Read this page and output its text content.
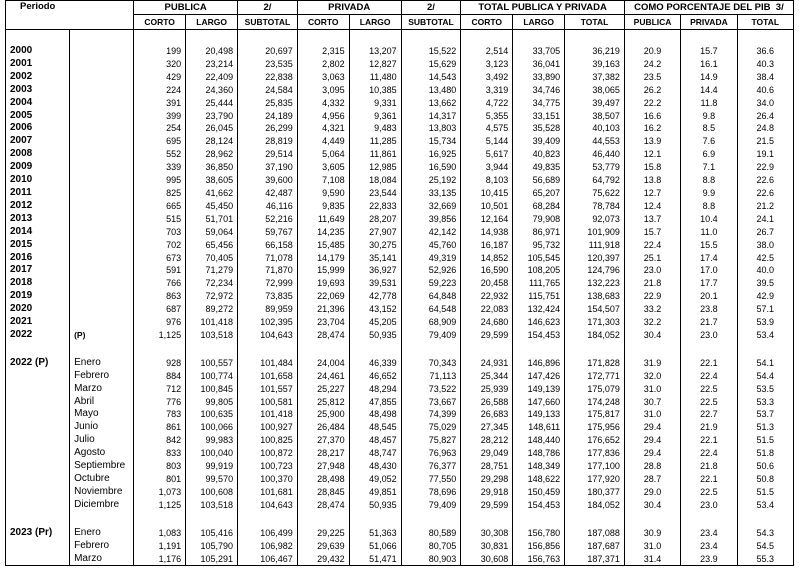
Periodo		PUBLICA		2/	PRIVADA		2/	TOTAL PUBLICA Y PRIVADA			COMO PORCENTAJE DEL PIB 3/		
		CORTO	LARGO	SUBTOTAL	CORTO	LARGO	SUBTOTAL	CORTO	LARGO	TOTAL	PUBLICA	PRIVADA	TOTAL

2000		199	20,498	20,697	2,315	13,207	15,522	2,514	33,705	36,219	20.9	15.7	36.6
2001		320	23,214	23,535	2,802	12,827	15,629	3,123	36,041	39,163	24.2	16.1	40.3
2002		429	22,409	22,838	3,063	11,480	14,543	3,492	33,890	37,382	23.5	14.9	38.4
2003		224	24,360	24,584	3,095	10,385	13,480	3,319	34,746	38,065	26.2	14.4	40.6
2004		391	25,444	25,835	4,332	9,331	13,662	4,722	34,775	39,497	22.2	11.8	34.0
2005		399	23,790	24,189	4,956	9,361	14,317	5,355	33,151	38,507	16.6	9.8	26.4
2006		254	26,045	26,299	4,321	9,483	13,803	4,575	35,528	40,103	16.2	8.5	24.8
2007		695	28,124	28,819	4,449	11,285	15,734	5,144	39,409	44,553	13.9	7.6	21.5
2008		552	28,962	29,514	5,064	11,861	16,925	5,617	40,823	46,440	12.1	6.9	19.1
2009		339	36,850	37,190	3,605	12,985	16,590	3,944	49,835	53,779	15.8	7.1	22.9
2010		995	38,605	39,600	7,108	18,084	25,192	8,103	56,689	64,792	13.8	8.8	22.6
2011		825	41,662	42,487	9,590	23,544	33,135	10,415	65,207	75,622	12.7	9.9	22.6
2012		665	45,450	46,116	9,835	22,833	32,669	10,501	68,284	78,784	12.4	8.8	21.2
2013		515	51,701	52,216	11,649	28,207	39,856	12,164	79,908	92,073	13.7	10.4	24.1
2014		703	59,064	59,767	14,235	27,907	42,142	14,938	86,971	101,909	15.7	11.0	26.7
2015		702	65,456	66,158	15,485	30,275	45,760	16,187	95,732	111,918	22.4	15.5	38.0
2016		673	70,405	71,078	14,179	35,141	49,319	14,852	105,545	120,397	25.1	17.4	42.5
2017		591	71,279	71,870	15,999	36,927	52,926	16,590	108,205	124,796	23.0	17.0	40.0
2018		766	72,234	72,999	19,693	39,531	59,223	20,458	111,765	132,223	21.8	17.7	39.5
2019		863	72,972	73,835	22,069	42,778	64,848	22,932	115,751	138,683	22.9	20.1	42.9
2020		687	89,272	89,959	21,396	43,152	64,548	22,083	132,424	154,507	33.2	23.8	57.1
2021		976	101,418	102,395	23,704	45,205	68,909	24,680	146,623	171,303	32.2	21.7	53.9
2022	(P)	1,125	103,518	104,643	28,474	50,935	79,409	29,599	154,453	184,052	30.4	23.0	53.4

2022 (P)	Enero	928	100,557	101,484	24,004	46,339	70,343	24,931	146,896	171,828	31.9	22.1	54.1
	Febrero	884	100,774	101,658	24,461	46,652	71,113	25,344	147,426	172,771	32.0	22.4	54.4
	Marzo	712	100,845	101,557	25,227	48,294	73,522	25,939	149,139	175,079	31.0	22.5	53.5
	Abril	776	99,805	100,581	25,812	47,855	73,667	26,588	147,660	174,248	30.7	22.5	53.3
	Mayo	783	100,635	101,418	25,900	48,498	74,399	26,683	149,133	175,817	31.0	22.7	53.7
	Junio	861	100,066	100,927	26,484	48,545	75,029	27,345	148,611	175,956	29.4	21.9	51.3
	Julio	842	99,983	100,825	27,370	48,457	75,827	28,212	148,440	176,652	29.4	22.1	51.5
	Agosto	833	100,040	100,872	28,217	48,747	76,963	29,049	148,786	177,836	29.4	22.4	51.8
	Septiembre	803	99,919	100,723	27,948	48,430	76,377	28,751	148,349	177,100	28.8	21.8	50.6
	Octubre	801	99,570	100,370	28,498	49,052	77,550	29,298	148,622	177,920	28.7	22.1	50.8
	Noviembre	1,073	100,608	101,681	28,845	49,851	78,696	29,918	150,459	180,377	29.0	22.5	51.5
	Diciembre	1,125	103,518	104,643	28,474	50,935	79,409	29,599	154,453	184,052	30.4	23.0	53.4

2023 (Pr)	Enero	1,083	105,416	106,499	29,225	51,363	80,589	30,308	156,780	187,088	30.9	23.4	54.3
	Febrero	1,191	105,790	106,982	29,639	51,066	80,705	30,831	156,856	187,687	31.0	23.4	54.5
	Marzo	1,176	105,291	106,467	29,432	51,471	80,903	30,608	156,763	187,371	31.4	23.9	55.3
